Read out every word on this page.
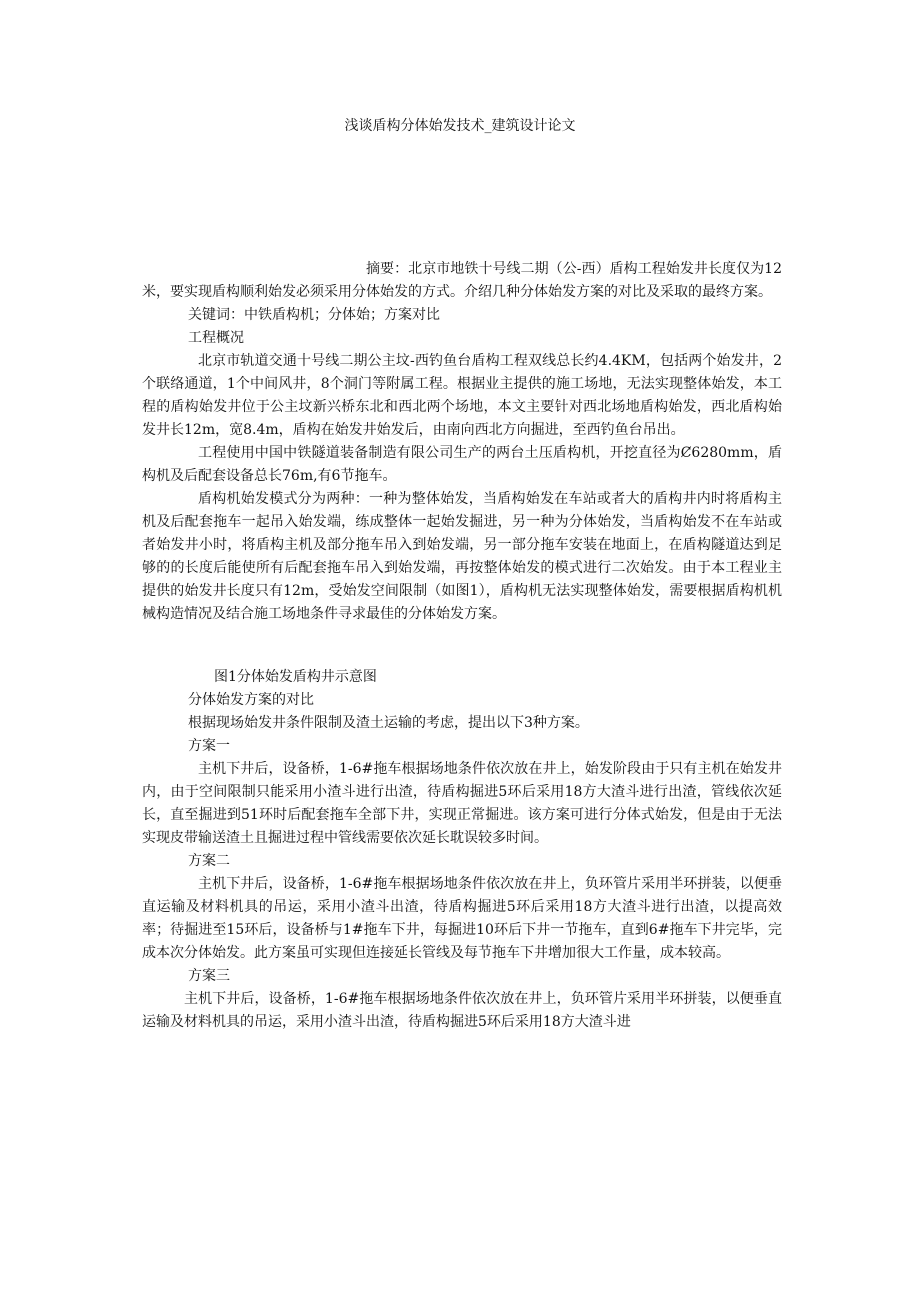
浅谈盾构分体始发技术_建筑设计论文

摘要：北京市地铁十号线二期（公-西）盾构工程始发井长度仅为12米，要实现盾构顺利始发必须采用分体始发的方式。介绍几种分体始发方案的对比及采取的最终方案。

关键词：中铁盾构机；分体始；方案对比

工程概况

北京市轨道交通十号线二期公主坟-西钓鱼台盾构工程双线总长约4.4KM，包括两个始发井，2个联络通道，1个中间风井，8个洞门等附属工程。根据业主提供的施工场地，无法实现整体始发，本工程的盾构始发井位于公主坟新兴桥东北和西北两个场地，本文主要针对西北场地盾构始发，西北盾构始发井长12m，宽8.4m，盾构在始发井始发后，由南向西北方向掘进，至西钓鱼台吊出。

工程使用中国中铁隧道装备制造有限公司生产的两台土压盾构机，开挖直径为Ȼ6280mm，盾构机及后配套设备总长76m,有6节拖车。

盾构机始发模式分为两种：一种为整体始发，当盾构始发在车站或者大的盾构井内时将盾构主机及后配套拖车一起吊入始发端，练成整体一起始发掘进，另一种为分体始发，当盾构始发不在车站或者始发井小时，将盾构主机及部分拖车吊入到始发端，另一部分拖车安装在地面上，在盾构隧道达到足够的的长度后能使所有后配套拖车吊入到始发端，再按整体始发的模式进行二次始发。由于本工程业主提供的始发井长度只有12m，受始发空间限制（如图1），盾构机无法实现整体始发，需要根据盾构机机械构造情况及结合施工场地条件寻求最佳的分体始发方案。

图1分体始发盾构井示意图

分体始发方案的对比

根据现场始发井条件限制及渣土运输的考虑，提出以下3种方案。

方案一

主机下井后，设备桥，1-6#拖车根据场地条件依次放在井上，始发阶段由于只有主机在始发井内，由于空间限制只能采用小渣斗进行出渣，待盾构掘进5环后采用18方大渣斗进行出渣，管线依次延长，直至掘进到51环时后配套拖车全部下井，实现正常掘进。该方案可进行分体式始发，但是由于无法实现皮带输送渣土且掘进过程中管线需要依次延长耽误较多时间。

方案二

主机下井后，设备桥，1-6#拖车根据场地条件依次放在井上，负环管片采用半环拼装，以便垂直运输及材料机具的吊运，采用小渣斗出渣，待盾构掘进5环后采用18方大渣斗进行出渣，以提高效率；待掘进至15环后，设备桥与1#拖车下井，每掘进10环后下井一节拖车，直到6#拖车下井完毕，完成本次分体始发。此方案虽可实现但连接延长管线及每节拖车下井增加很大工作量，成本较高。

方案三

主机下井后，设备桥，1-6#拖车根据场地条件依次放在井上，负环管片采用半环拼装，以便垂直运输及材料机具的吊运，采用小渣斗出渣，待盾构掘进5环后采用18方大渣斗进
